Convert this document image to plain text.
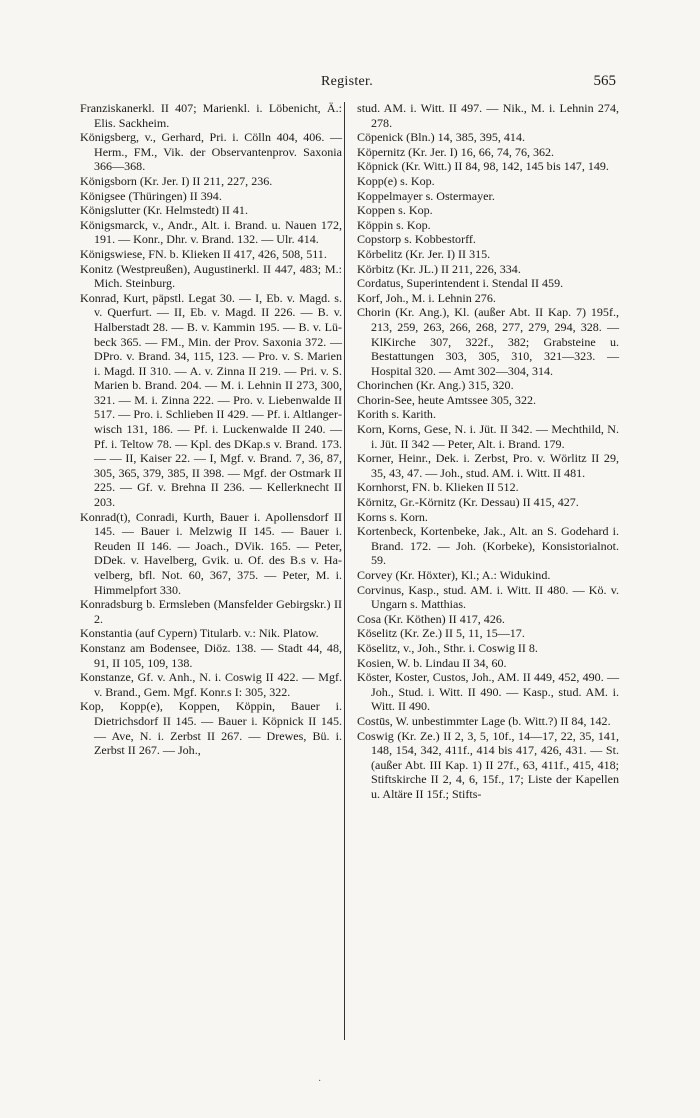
Register.	565

Franziskanerkl. II 407; Marienkl. i. Löbenicht, Ä.: Elis. Sackheim.

Königsberg, v., Gerhard, Pri. i. Cölln 404, 406. — Herm., FM., Vik. der Observantenprov. Saxonia 366—368.

Königsborn (Kr. Jer. I) II 211, 227, 236.

Königsee (Thüringen) II 394.

Königslutter (Kr. Helmstedt) II 41.

Königsmarck, v., Andr., Alt. i. Brand. u. Nauen 172, 191. — Konr., Dhr. v. Brand. 132. — Ulr. 414.

Königswiese, FN. b. Klieken II 417, 426, 508, 511.

Konitz (Westpreußen), Augustinerkl. II 447, 483; M.: Mich. Steinburg.

Konrad, Kurt, päpstl. Legat 30. — I, Eb. v. Magd. s. v. Querfurt. — II, Eb. v. Magd. II 226. — B. v. Halberstadt 28. — B. v. Kammin 195. — B. v. Lübeck 365. — FM., Min. der Prov. Saxonia 372. — DPro. v. Brand. 34, 115, 123. — Pro. v. S. Marien i. Magd. II 310. — A. v. Zinna II 219. — Pri. v. S. Marien b. Brand. 204. — M. i. Lehnin II 273, 300, 321. — M. i. Zinna 222. — Pro. v. Liebenwalde II 517. — Pro. i. Schlieben II 429. — Pf. i. Altlangerwisch 131, 186. — Pf. i. Luckenwalde II 240. — Pf. i. Teltow 78. — Kpl. des DKap.s v. Brand. 173. — — II, Kaiser 22. — I, Mgf. v. Brand. 7, 36, 87, 305, 365, 379, 385, II 398. — Mgf. der Ostmark II 225. — Gf. v. Brehna II 236. — Kellerknecht II 203.

Konrad(t), Conradi, Kurth, Bauer i. Apollensdorf II 145. — Bauer i. Melzwig II 145. — Bauer i. Reuden II 146. — Joach., DVik. 165. — Peter, DDek. v. Havelberg, Gvik. u. Of. des B.s v. Havelberg, bfl. Not. 60, 367, 375. — Peter, M. i. Himmelpfort 330.

Konradsburg b. Ermsleben (Mansfelder Gebirgskr.) II 2.

Konstantia (auf Cypern) Titularb. v.: Nik. Platow.

Konstanz am Bodensee, Diöz. 138. — Stadt 44, 48, 91, II 105, 109, 138.

Konstanze, Gf. v. Anh., N. i. Coswig II 422. — Mgf. v. Brand., Gem. Mgf. Konr.s I: 305, 322.

Kop, Kopp(e), Koppen, Köppin, Bauer i. Dietrichsdorf II 145. — Bauer i. Köpnick II 145. — Ave, N. i. Zerbst II 267. — Drewes, Bü. i. Zerbst II 267. — Joh.,

stud. AM. i. Witt. II 497. — Nik., M. i. Lehnin 274, 278.

Cöpenick (Bln.) 14, 385, 395, 414.

Köpernitz (Kr. Jer. I) 16, 66, 74, 76, 362.

Köpnick (Kr. Witt.) II 84, 98, 142, 145 bis 147, 149.

Kopp(e) s. Kop.

Koppelmayer s. Ostermayer.

Koppen s. Kop.

Köppin s. Kop.

Copstorp s. Kobbestorff.

Körbelitz (Kr. Jer. I) II 315.

Körbitz (Kr. JL.) II 211, 226, 334.

Cordatus, Superintendent i. Stendal II 459.

Korf, Joh., M. i. Lehnin 276.

Chorin (Kr. Ang.), Kl. (außer Abt. II Kap. 7) 195f., 213, 259, 263, 266, 268, 277, 279, 294, 328. — KlKirche 307, 322f., 382; Grabsteine u. Bestattungen 303, 305, 310, 321—323. — Hospital 320. — Amt 302—304, 314.

Chorinchen (Kr. Ang.) 315, 320.

Chorin-See, heute Amtssee 305, 322.

Korith s. Karith.

Korn, Korns, Gese, N. i. Jüt. II 342. — Mechthild, N. i. Jüt. II 342 — Peter, Alt. i. Brand. 179.

Korner, Heinr., Dek. i. Zerbst, Pro. v. Wörlitz II 29, 35, 43, 47. — Joh., stud. AM. i. Witt. II 481.

Kornhorst, FN. b. Klieken II 512.

Körnitz, Gr.-Körnitz (Kr. Dessau) II 415, 427.

Korns s. Korn.

Kortenbeck, Kortenbeke, Jak., Alt. an S. Godehard i. Brand. 172. — Joh. (Korbeke), Konsistorialnot. 59.

Corvey (Kr. Höxter), Kl.; A.: Widukind.

Corvinus, Kasp., stud. AM. i. Witt. II 480. — Kö. v. Ungarn s. Matthias.

Cosa (Kr. Köthen) II 417, 426.

Köselitz (Kr. Ze.) II 5, 11, 15—17.

Köselitz, v., Joh., Sthr. i. Coswig II 8.

Kosien, W. b. Lindau II 34, 60.

Köster, Koster, Custos, Joh., AM. II 449, 452, 490. — Joh., Stud. i. Witt. II 490. — Kasp., stud. AM. i. Witt. II 490.

Costūs, W. unbestimmter Lage (b. Witt.?) II 84, 142.

Coswig (Kr. Ze.) II 2, 3, 5, 10f., 14—17, 22, 35, 141, 148, 154, 342, 411f., 414 bis 417, 426, 431. — St. (außer Abt. III Kap. 1) II 27f., 63, 411f., 415, 418; Stiftskirche II 2, 4, 6, 15f., 17; Liste der Kapellen u. Altäre II 15f.; Stifts-

·
